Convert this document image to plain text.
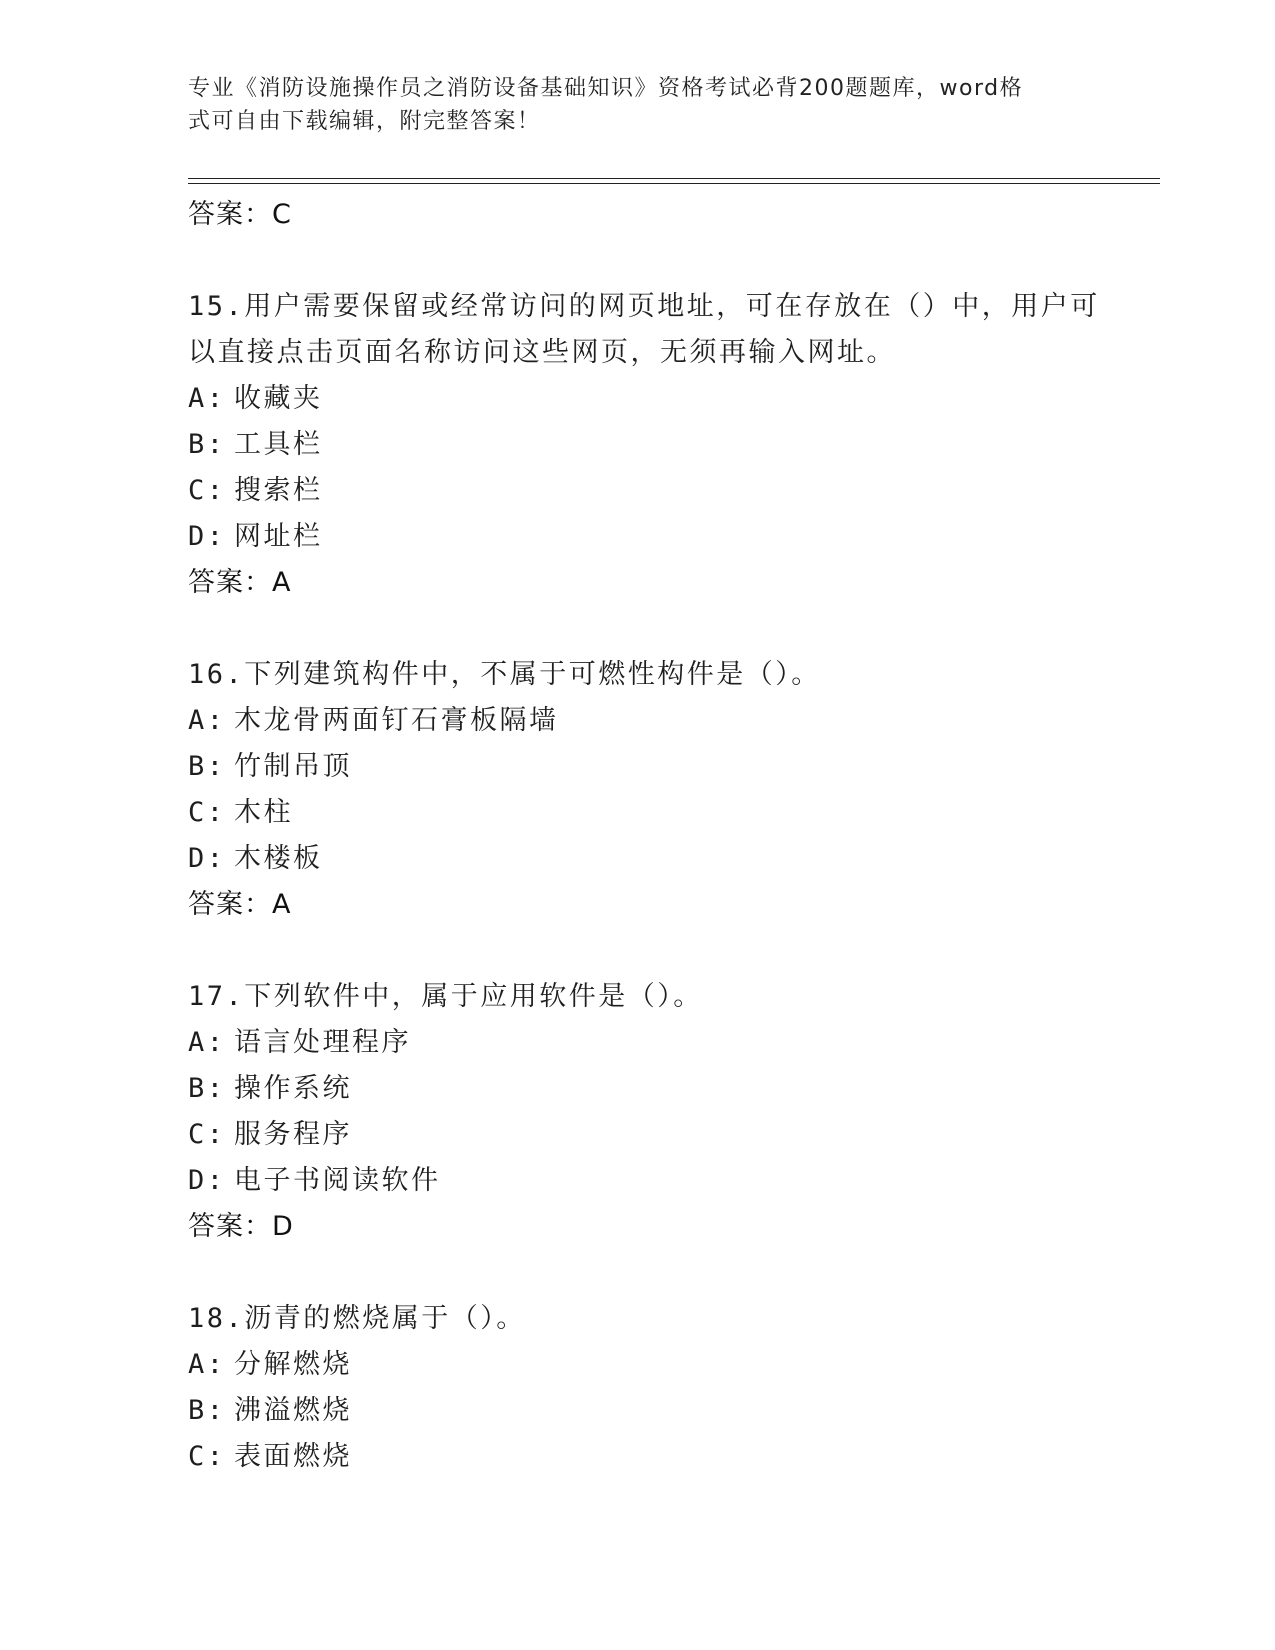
专业《消防设施操作员之消防设备基础知识》资格考试必背200题题库，word格
式可自由下载编辑，附完整答案！
答案：C
15.用户需要保留或经常访问的网页地址，可在存放在（）中，用户可
以直接点击页面名称访问这些网页，无须再输入网址。
A: 收藏夹
B: 工具栏
C: 搜索栏
D: 网址栏
答案：A
16.下列建筑构件中，不属于可燃性构件是（）。
A: 木龙骨两面钉石膏板隔墙
B: 竹制吊顶
C: 木柱
D: 木楼板
答案：A
17.下列软件中，属于应用软件是（）。
A: 语言处理程序
B: 操作系统
C: 服务程序
D: 电子书阅读软件
答案：D
18.沥青的燃烧属于（）。
A: 分解燃烧
B: 沸溢燃烧
C: 表面燃烧
